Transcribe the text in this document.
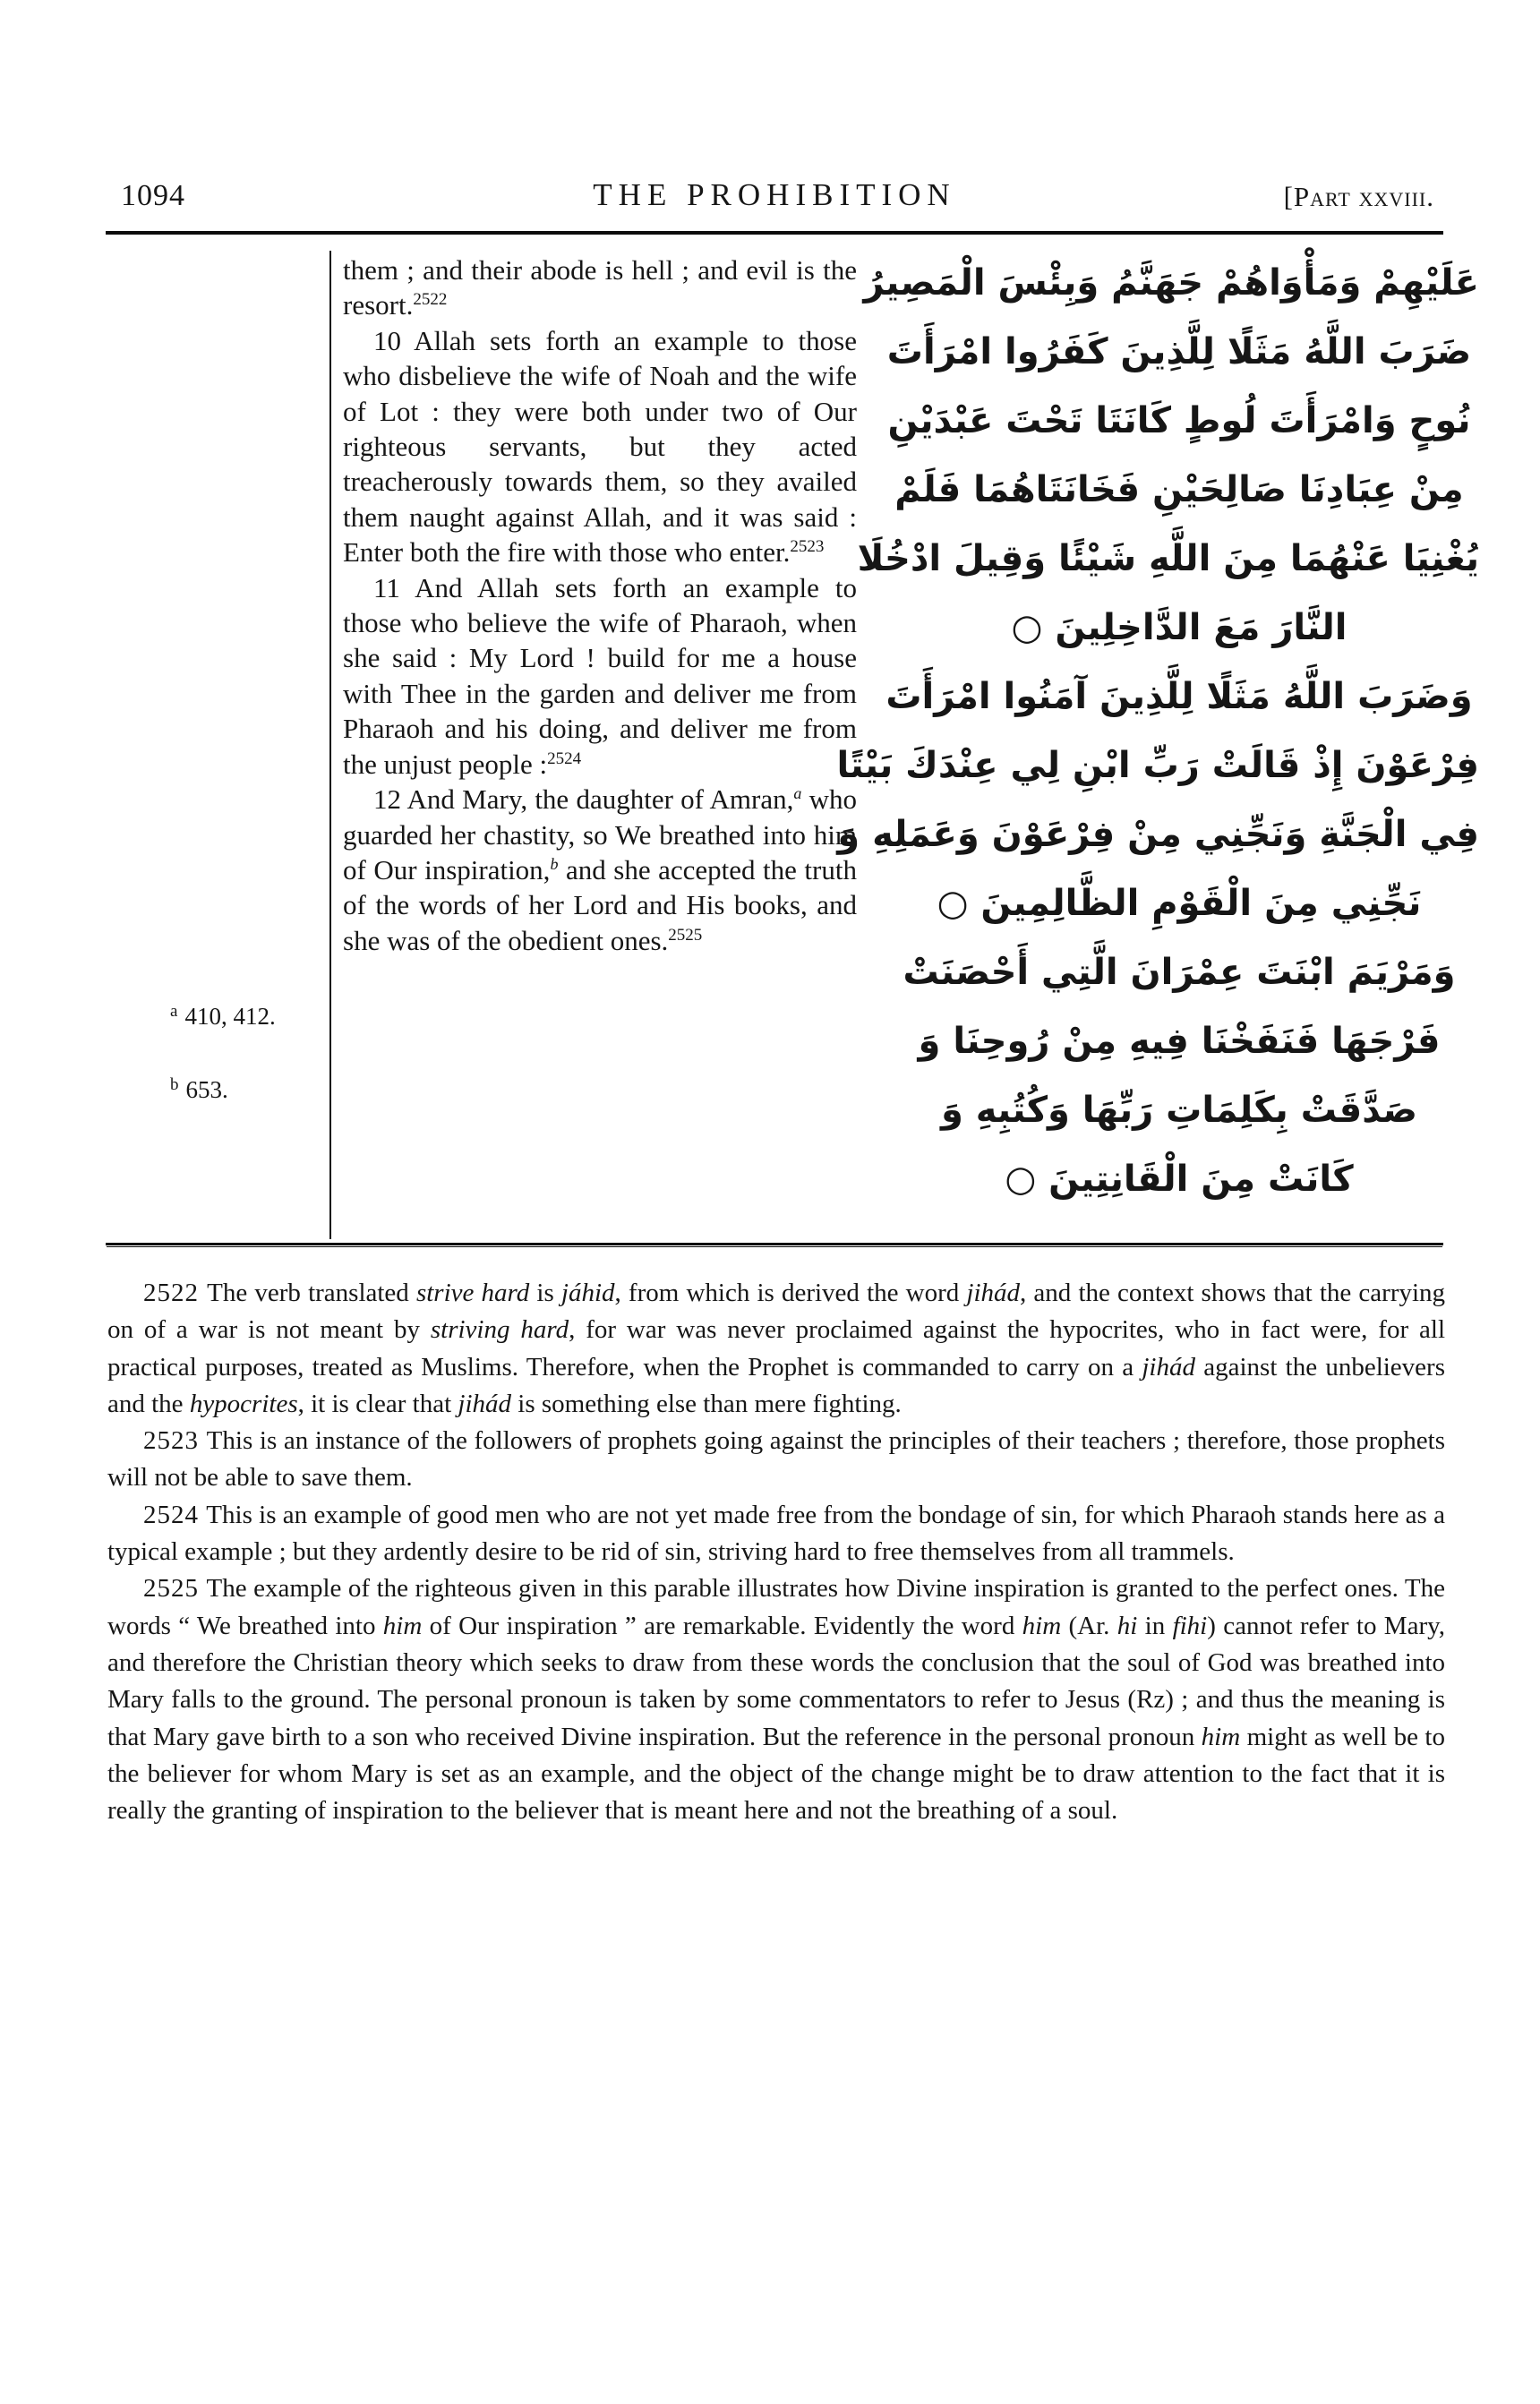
1094	THE PROHIBITION	[Part xxviii.
$^a$ 410, 412.
$^b$ 653.

them ; and their abode is hell ; and evil is the resort.$^{2522}$

10 Allah sets forth an example to those who disbelieve the wife of Noah and the wife of Lot : they were both under two of Our righteous servants, but they acted treacherously towards them, so they availed them naught against Allah, and it was said : Enter both the fire with those who enter.$^{2523}$

11 And Allah sets forth an example to those who believe the wife of Pharaoh, when she said : My Lord ! build for me a house with Thee in the garden and deliver me from Pharaoh and his doing, and deliver me from the unjust people :$^{2524}$

12 And Mary, the daughter of Amran,$^a$ who guarded her chastity, so We breathed into him of Our inspiration,$^b$ and she accepted the truth of the words of her Lord and His books, and she was of the obedient ones.$^{2525}$

عَلَيْهِمْ وَمَأْوَاهُمْ جَهَنَّمُ وَبِئْسَ الْمَصِيرُ
ضَرَبَ اللَّهُ مَثَلًا لِلَّذِينَ كَفَرُوا امْرَأَتَ
نُوحٍ وَامْرَأَتَ لُوطٍ كَانَتَا تَحْتَ عَبْدَيْنِ
مِنْ عِبَادِنَا صَالِحَيْنِ فَخَانَتَاهُمَا فَلَمْ
يُغْنِيَا عَنْهُمَا مِنَ اللَّهِ شَيْئًا وَقِيلَ ادْخُلَا
النَّارَ مَعَ الدَّاخِلِينَ ○
وَضَرَبَ اللَّهُ مَثَلًا لِلَّذِينَ آمَنُوا امْرَأَتَ
فِرْعَوْنَ إِذْ قَالَتْ رَبِّ ابْنِ لِي عِنْدَكَ بَيْتًا
فِي الْجَنَّةِ وَنَجِّنِي مِنْ فِرْعَوْنَ وَعَمَلِهِ وَ
نَجِّنِي مِنَ الْقَوْمِ الظَّالِمِينَ ○
وَمَرْيَمَ ابْنَتَ عِمْرَانَ الَّتِي أَحْصَنَتْ
فَرْجَهَا فَنَفَخْنَا فِيهِ مِنْ رُوحِنَا وَ
صَدَّقَتْ بِكَلِمَاتِ رَبِّهَا وَكُتُبِهِ وَ
كَانَتْ مِنَ الْقَانِتِينَ ○

2522 The verb translated strive hard is jáhid, from which is derived the word jihád, and the context shows that the carrying on of a war is not meant by striving hard, for war was never proclaimed against the hypocrites, who in fact were, for all practical purposes, treated as Muslims. Therefore, when the Prophet is commanded to carry on a jihád against the unbelievers and the hypocrites, it is clear that jihád is something else than mere fighting.

2523 This is an instance of the followers of prophets going against the principles of their teachers ; therefore, those prophets will not be able to save them.

2524 This is an example of good men who are not yet made free from the bondage of sin, for which Pharaoh stands here as a typical example ; but they ardently desire to be rid of sin, striving hard to free themselves from all trammels.

2525 The example of the righteous given in this parable illustrates how Divine inspiration is granted to the perfect ones. The words “ We breathed into him of Our inspiration ” are remarkable. Evidently the word him (Ar. hi in fihi) cannot refer to Mary, and therefore the Christian theory which seeks to draw from these words the conclusion that the soul of God was breathed into Mary falls to the ground. The personal pronoun is taken by some commentators to refer to Jesus (Rz) ; and thus the meaning is that Mary gave birth to a son who received Divine inspiration. But the reference in the personal pronoun him might as well be to the believer for whom Mary is set as an example, and the object of the change might be to draw attention to the fact that it is really the granting of inspiration to the believer that is meant here and not the breathing of a soul.
